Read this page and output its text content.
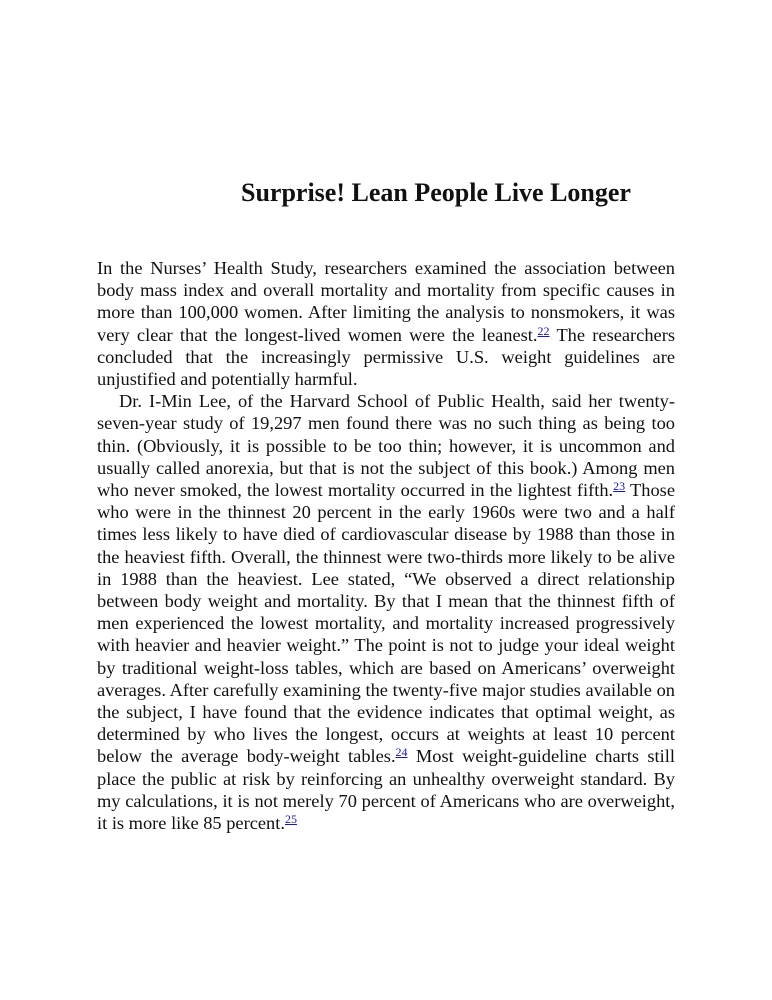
Surprise! Lean People Live Longer

In the Nurses’ Health Study, researchers examined the association between body mass index and overall mortality and mortality from specific causes in more than 100,000 women. After limiting the analysis to nonsmokers, it was very clear that the longest-lived women were the leanest.$^{22}$ The researchers concluded that the increasingly permissive U.S. weight guidelines are unjustified and potentially harmful.

Dr. I-Min Lee, of the Harvard School of Public Health, said her twenty-seven-year study of 19,297 men found there was no such thing as being too thin. (Obviously, it is possible to be too thin; however, it is uncommon and usually called anorexia, but that is not the subject of this book.) Among men who never smoked, the lowest mortality occurred in the lightest fifth.$^{23}$ Those who were in the thinnest 20 percent in the early 1960s were two and a half times less likely to have died of cardiovascular disease by 1988 than those in the heaviest fifth. Overall, the thinnest were two-thirds more likely to be alive in 1988 than the heaviest. Lee stated, “We observed a direct relationship between body weight and mortality. By that I mean that the thinnest fifth of men experienced the lowest mortality, and mortality increased progressively with heavier and heavier weight.” The point is not to judge your ideal weight by traditional weight-loss tables, which are based on Americans’ overweight averages. After carefully examining the twenty-five major studies available on the subject, I have found that the evidence indicates that optimal weight, as determined by who lives the longest, occurs at weights at least 10 percent below the average body-weight tables.$^{24}$ Most weight-guideline charts still place the public at risk by reinforcing an unhealthy overweight standard. By my calculations, it is not merely 70 percent of Americans who are overweight, it is more like 85 percent.$^{25}$
